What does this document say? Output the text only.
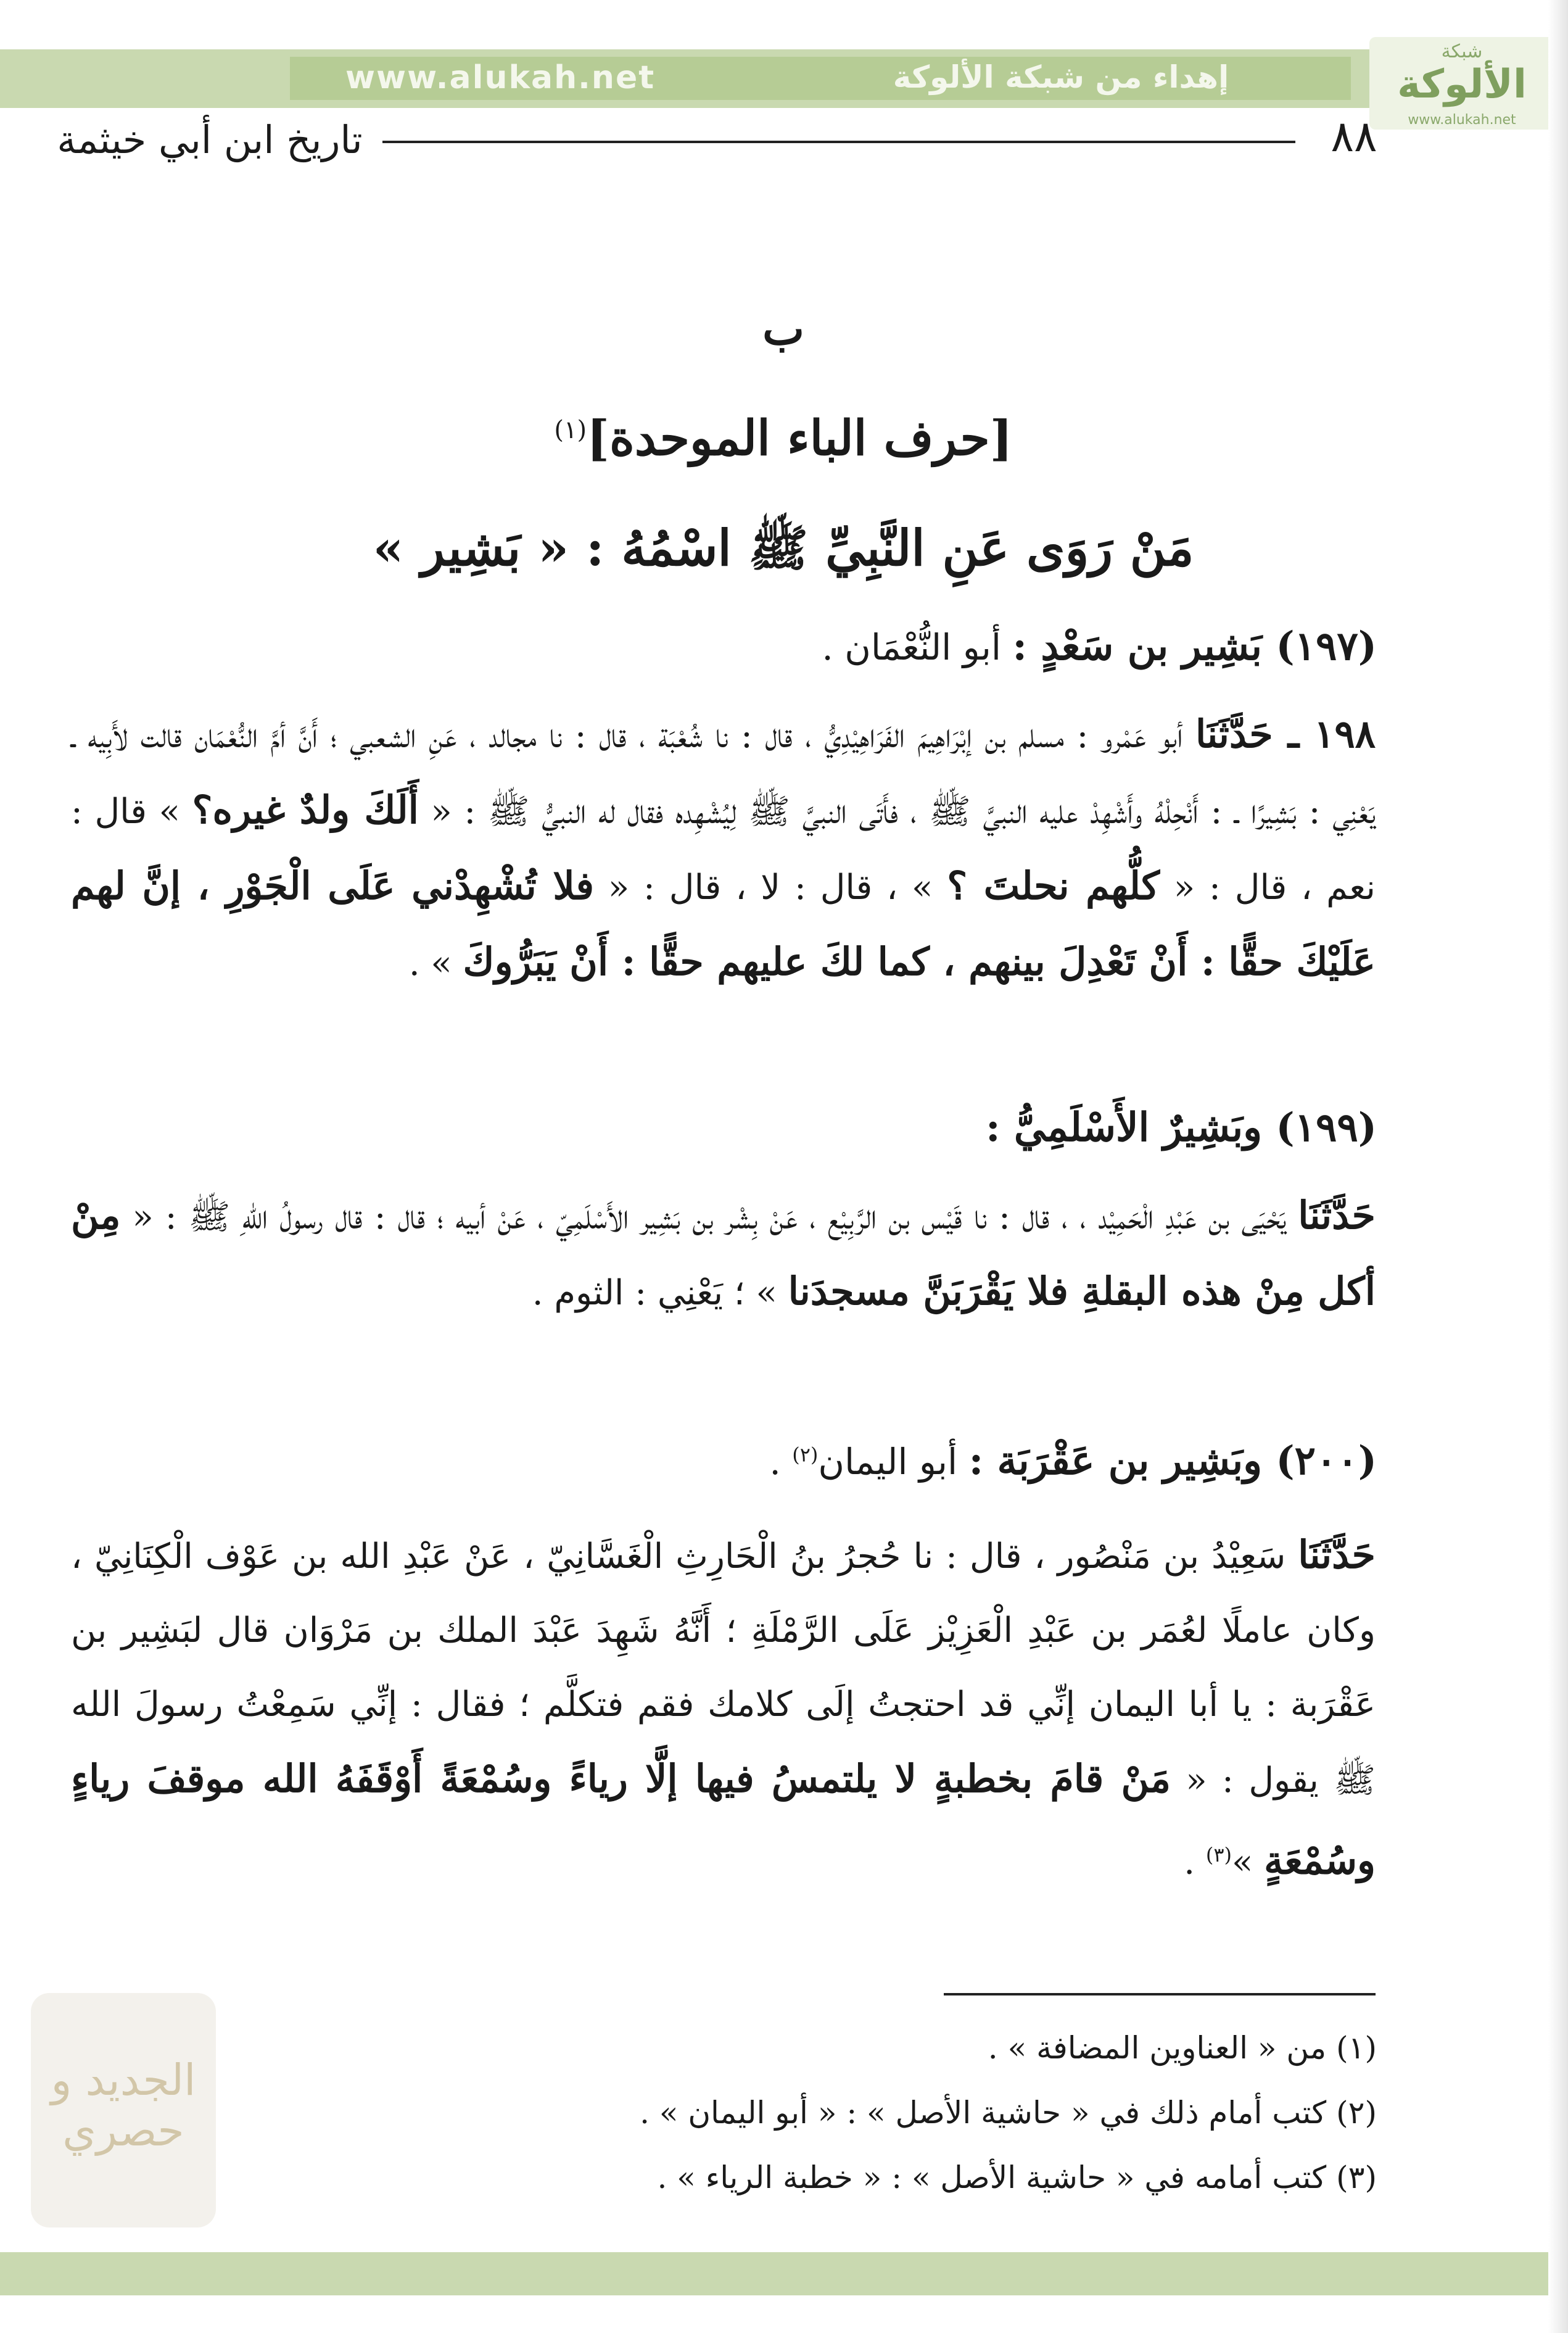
www.alukah.net	إهداء من شبكة الألوكة
شبكة
الألوكة
www.alukah.net
٨٨
تاريخ ابن أبي خيثمة
ب
[حرف الباء الموحدة]$^{(١)}$
مَنْ رَوَى عَنِ النَّبِيِّ ﷺ اسْمُهُ : « بَشِير »
(١٩٧) بَشِير بن سَعْدٍ : أبو النُّعْمَان .
١٩٨ ـ حَدَّثَنَا أبو عَمْرو : مسلم بن إبْرَاهِيمَ الفَرَاهِيْدِيُّ ، قال : نا شُعْبَة ، قال : نا مجالد ، عَنِ الشعبي ؛ أَنَّ أمَّ النُّعْمَان قالت لأَبِيه ـ يَعْنِي : بَشِيرًا ـ : أَنْحِلْهُ وأَشْهِدْ عليه النبيَّ ﷺ ، فأَتَى النبيَّ ﷺ لِيُشْهِده فقال له النبيُّ ﷺ : « أَلَكَ ولدٌ غيره؟ » قال : نعم ، قال : « كلُّهم نحلتَ ؟ » ، قال : لا ، قال : « فلا تُشْهِدْني عَلَى الْجَوْرِ ، إنَّ لهم عَلَيْكَ حقًّا : أَنْ تَعْدِلَ بينهم ، كما لكَ عليهم حقًّا : أَنْ يَبَرُّوكَ » .
(١٩٩) وبَشِيرٌ الأَسْلَمِيُّ :
حَدَّثَنَا يَحْيَى بن عَبْدِ الْحَمِيْد ، ، قال : نا قَيْس بن الرَّبِيْع ، عَنْ بِشْر بن بَشِير الأَسْلَمِيّ ، عَنْ أبيه ؛ قال : قال رسولُ اللهِ ﷺ : « مِنْ أكل مِنْ هذه البقلةِ فلا يَقْرَبَنَّ مسجدَنا » ؛ يَعْنِي : الثوم .
(٢٠٠) وبَشِير بن عَقْرَبَة : أبو اليمان$^{(٢)}$ .
حَدَّثَنَا سَعِيْدُ بن مَنْصُور ، قال : نا حُجرُ بنُ الْحَارِثِ الْغَسَّانِيّ ، عَنْ عَبْدِ الله بن عَوْف الْكِنَانِيّ ، وكان عاملًا لعُمَر بن عَبْدِ الْعَزِيْز عَلَى الرَّمْلَةِ ؛ أَنَّهُ شَهِدَ عَبْدَ الملك بن مَرْوَان قال لبَشِير بن عَقْرَبة : يا أبا اليمان إنِّي قد احتجتُ إلَى كلامك فقم فتكلَّم ؛ فقال : إنِّي سَمِعْتُ رسولَ الله ﷺ يقول : « مَنْ قامَ بخطبةٍ لا يلتمسُ فيها إلَّا رياءً وسُمْعَةً أَوْقَفَهُ الله موقفَ رياءٍ وسُمْعَةٍ »$^{(٣)}$ .
(١) من « العناوين المضافة » .
(٢) كتب أمام ذلك في « حاشية الأصل » : « أبو اليمان » .
(٣) كتب أمامه في « حاشية الأصل » : « خطبة الرياء » .
الجديد و حصري
